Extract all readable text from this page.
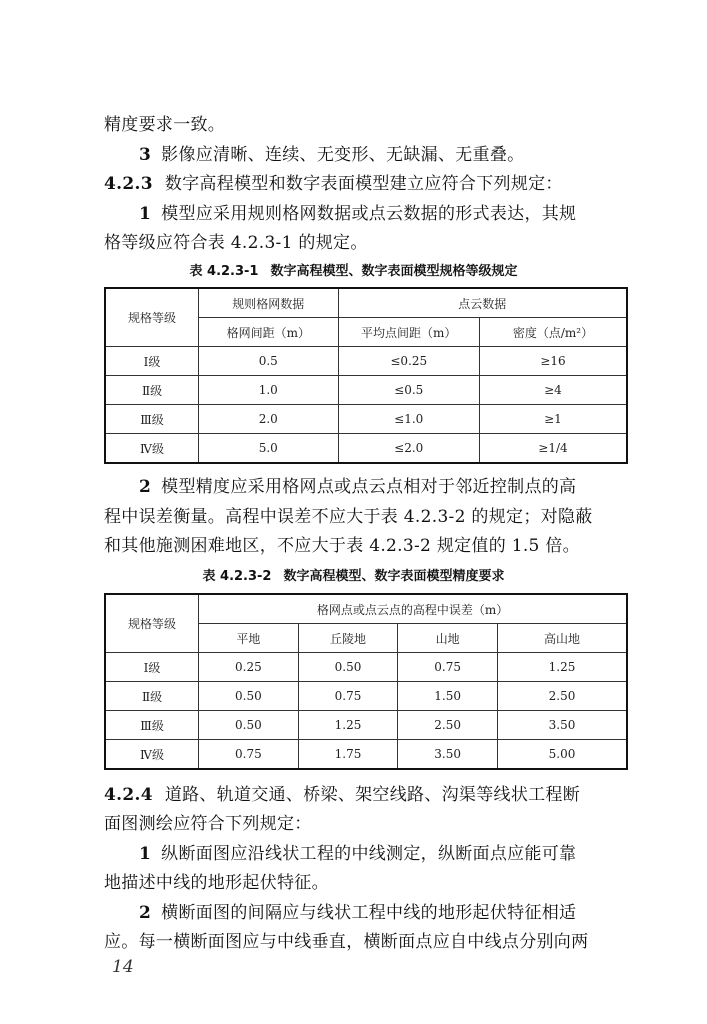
精度要求一致。
3 影像应清晰、连续、无变形、无缺漏、无重叠。
4.2.3 数字高程模型和数字表面模型建立应符合下列规定：
1 模型应采用规则格网数据或点云数据的形式表达，其规
格等级应符合表 4.2.3-1 的规定。
表 4.2.3-1 数字高程模型、数字表面模型规格等级规定
规格等级	规则格网数据	点云数据	
	格网间距（m）	平均点间距（m）	密度（点/m²）
Ⅰ级	0.5	≤0.25	≥16
Ⅱ级	1.0	≤0.5	≥4
Ⅲ级	2.0	≤1.0	≥1
Ⅳ级	5.0	≤2.0	≥1/4
2 模型精度应采用格网点或点云点相对于邻近控制点的高
程中误差衡量。高程中误差不应大于表 4.2.3-2 的规定；对隐蔽
和其他施测困难地区，不应大于表 4.2.3-2 规定值的 1.5 倍。
表 4.2.3-2 数字高程模型、数字表面模型精度要求
规格等级	格网点或点云点的高程中误差（m）			
	平地	丘陵地	山地	高山地
Ⅰ级	0.25	0.50	0.75	1.25
Ⅱ级	0.50	0.75	1.50	2.50
Ⅲ级	0.50	1.25	2.50	3.50
Ⅳ级	0.75	1.75	3.50	5.00
4.2.4 道路、轨道交通、桥梁、架空线路、沟渠等线状工程断
面图测绘应符合下列规定：
1 纵断面图应沿线状工程的中线测定，纵断面点应能可靠
地描述中线的地形起伏特征。
2 横断面图的间隔应与线状工程中线的地形起伏特征相适
应。每一横断面图应与中线垂直，横断面点应自中线点分别向两
14
